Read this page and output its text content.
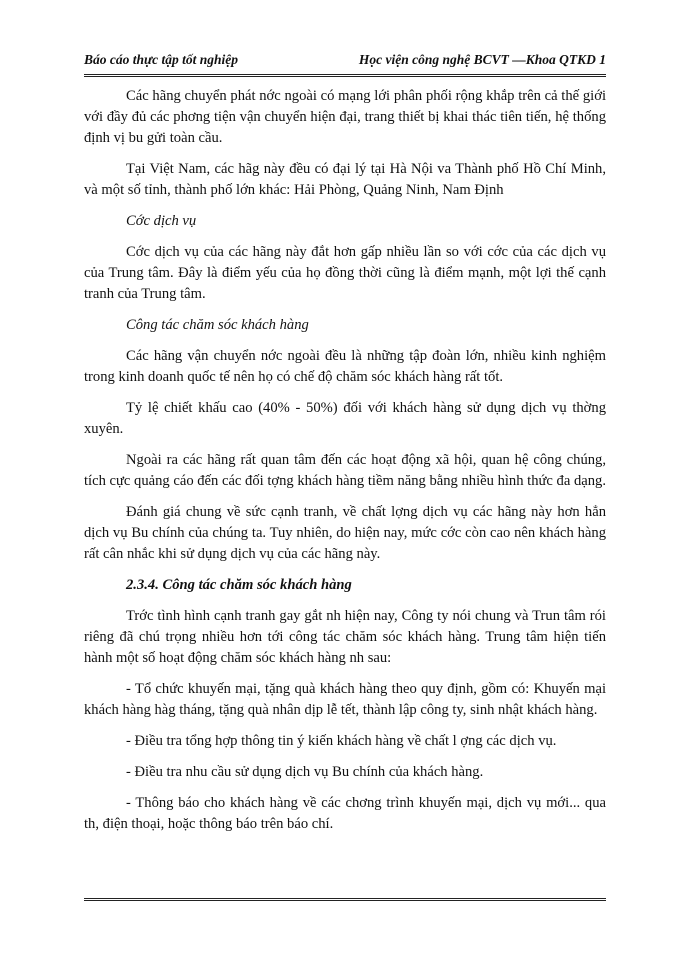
Báo cáo thực tập tốt nghiệp	Học viện công nghệ BCVT —Khoa QTKD 1

Các hãng chuyển phát nớc ngoài có mạng lới phân phối rộng khắp trên cả thế giới với đầy đủ các phơng tiện vận chuyển hiện đại, trang thiết bị khai thác tiên tiến, hệ thống định vị bu gửi toàn cầu.

Tại Việt Nam, các hãg này đều có đại lý tại Hà Nội va Thành phố Hồ Chí Minh, và một số tỉnh, thành phố lớn khác: Hải Phòng, Quảng Ninh, Nam Định

Cớc dịch vụ

Cớc dịch vụ của các hãng này đắt hơn gấp nhiều lần so với cớc của các dịch vụ của Trung tâm. Đây là điểm yếu của họ đồng thời cũng là điểm mạnh, một lợi thế cạnh tranh của Trung tâm.

Công tác chăm sóc khách hàng

Các hãng vận chuyển nớc ngoài đều là những tập đoàn lớn, nhiều kinh nghiệm trong kinh doanh quốc tế nên họ có chế độ chăm sóc khách hàng rất tốt.

Tỷ lệ chiết khấu cao (40% - 50%) đối với khách hàng sử dụng dịch vụ thờng xuyên.

Ngoài ra các hãng rất quan tâm đến các hoạt động xã hội, quan hệ công chúng, tích cực quảng cáo đến các đối tợng khách hàng tiềm năng bằng nhiều hình thức đa dạng.

Đánh giá chung về sức cạnh tranh, về chất lợng dịch vụ các hãng này hơn hẳn dịch vụ Bu chính của chúng ta. Tuy nhiên, do hiện nay, mức cớc còn cao nên khách hàng rất cân nhắc khi sử dụng dịch vụ của các hãng này.

2.3.4. Công tác chăm sóc khách hàng

Trớc tình hình cạnh tranh gay gắt nh hiện nay, Công ty nói chung và Trun tâm rói riêng đã chú trọng nhiều hơn tới công tác chăm sóc khách hàng. Trung tâm hiện tiến hành một số hoạt động chăm sóc khách hàng nh sau:

- Tổ chức khuyến mại, tặng quà khách hàng theo quy định, gồm có: Khuyến mại khách hàng hàg tháng, tặng quà nhân dịp lễ tết, thành lập công ty, sinh nhật khách hàng.

- Điều tra tổng hợp thông tin ý kiến khách hàng về chất l ợng các dịch vụ.

- Điều tra nhu cầu sử dụng dịch vụ Bu chính của khách hàng.

- Thông báo cho khách hàng về các chơng trình khuyến mại, dịch vụ mới... qua th, điện thoại, hoặc thông báo trên báo chí.
